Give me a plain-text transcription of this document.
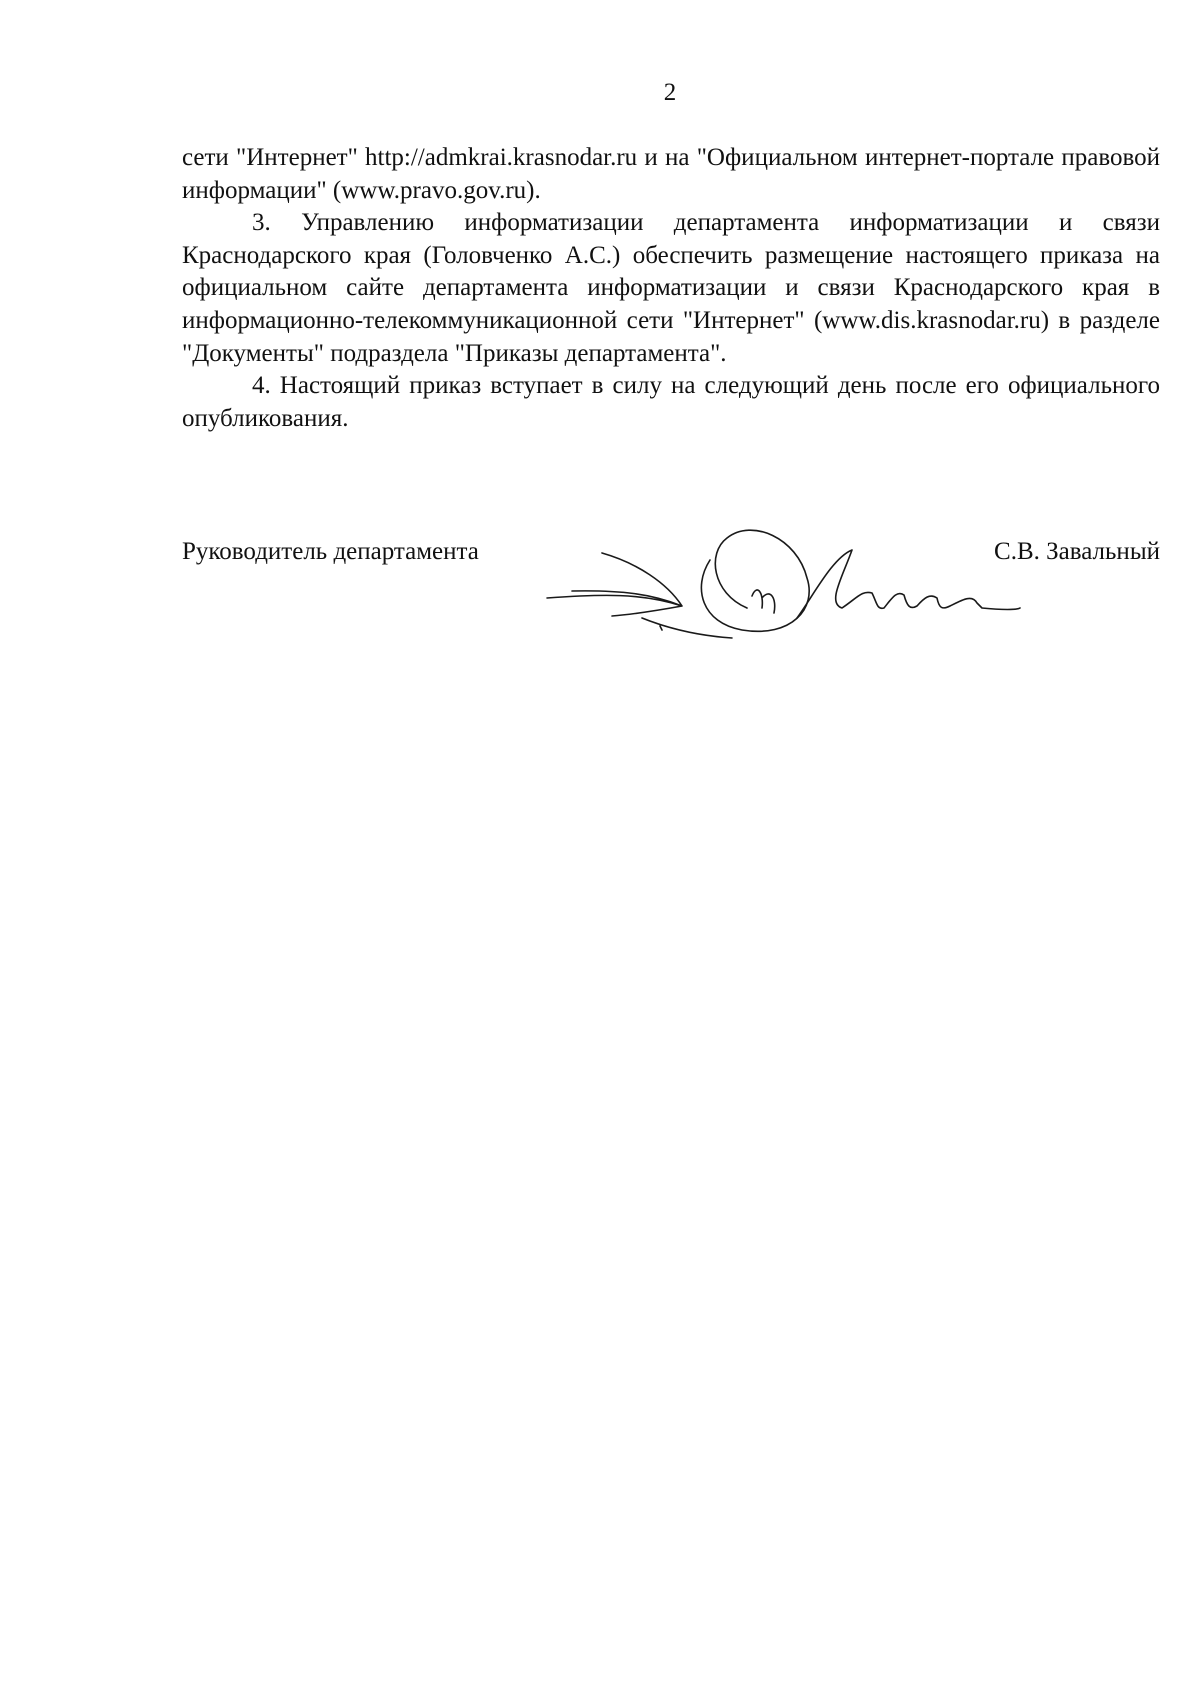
2

сети "Интернет" http://admkrai.krasnodar.ru и на "Официальном интернет-портале правовой информации" (www.pravo.gov.ru).

3. Управлению информатизации департамента информатизации и связи Краснодарского края (Головченко А.С.) обеспечить размещение настоящего приказа на официальном сайте департамента информатизации и связи Краснодарского края в информационно-телекоммуникационной сети "Интернет" (www.dis.krasnodar.ru) в разделе "Документы" подраздела "Приказы департамента".

4. Настоящий приказ вступает в силу на следующий день после его официального опубликования.

Руководитель департамента	С.В. Завальный
